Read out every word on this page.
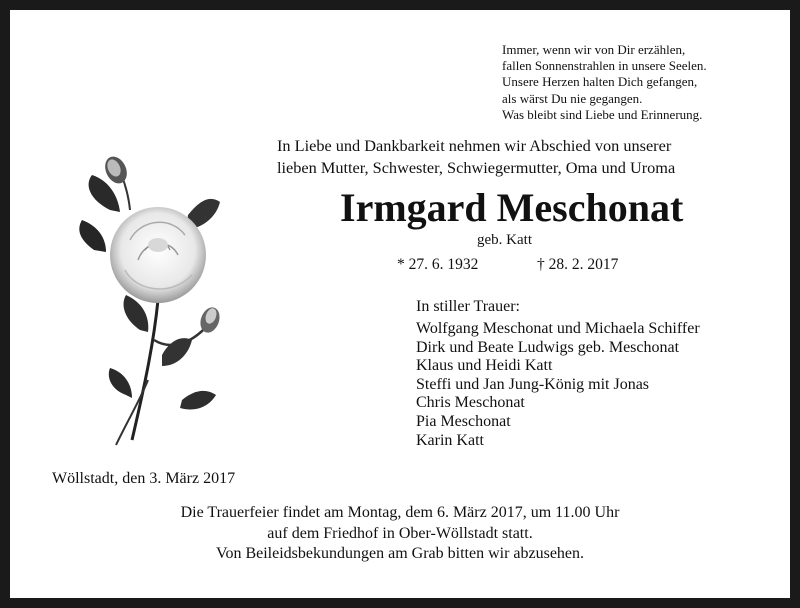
Immer, wenn wir von Dir erzählen,
fallen Sonnenstrahlen in unsere Seelen.
Unsere Herzen halten Dich gefangen,
als wärst Du nie gegangen.
Was bleibt sind Liebe und Erinnerung.
In Liebe und Dankbarkeit nehmen wir Abschied von unserer
lieben Mutter, Schwester, Schwiegermutter, Oma und Uroma
Irmgard Meschonat
geb. Katt
* 27. 6. 1932	† 28. 2. 2017
In stiller Trauer:
Wolfgang Meschonat und Michaela Schiffer
Dirk und Beate Ludwigs geb. Meschonat
Klaus und Heidi Katt
Steffi und Jan Jung-König mit Jonas
Chris Meschonat
Pia Meschonat
Karin Katt
Wöllstadt, den 3. März 2017
Die Trauerfeier findet am Montag, dem 6. März 2017, um 11.00 Uhr
auf dem Friedhof in Ober-Wöllstadt statt.
Von Beileidsbekundungen am Grab bitten wir abzusehen.
